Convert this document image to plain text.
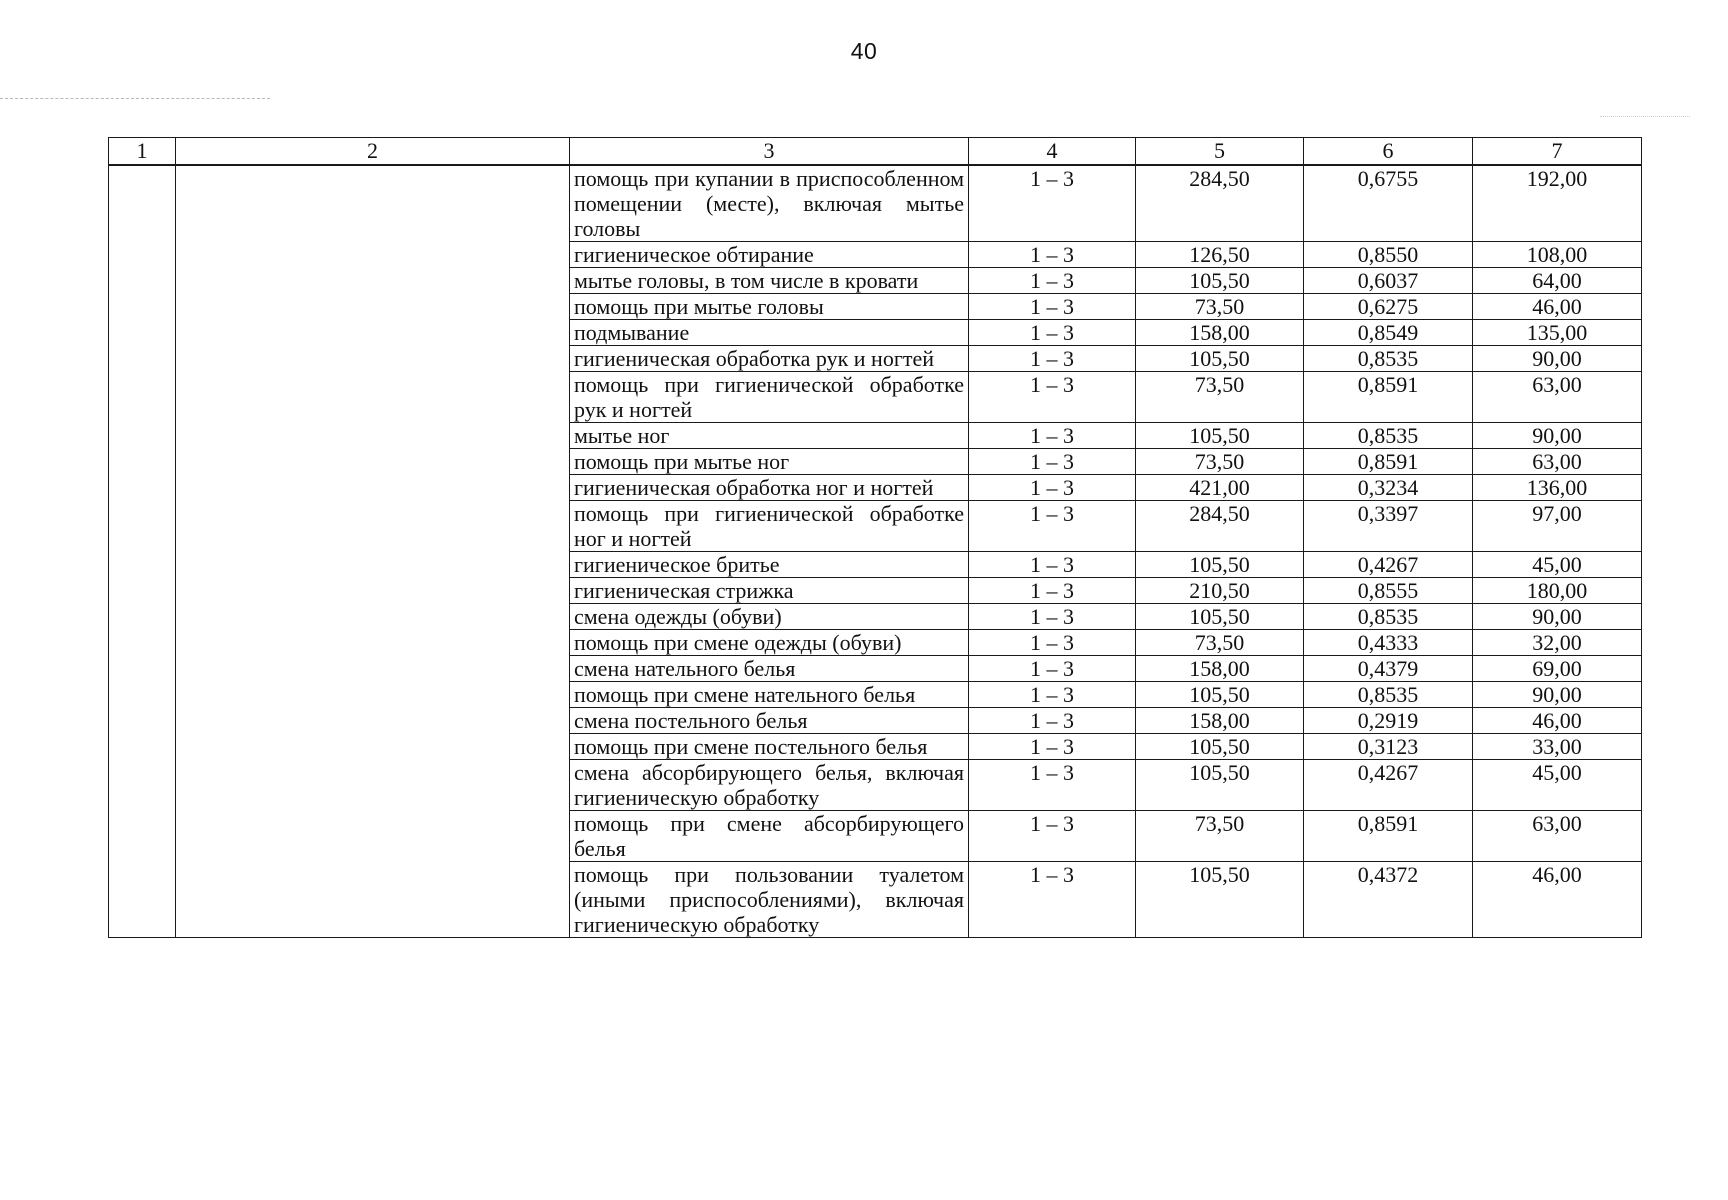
40
1	2	3	4	5	6	7
		помощь при купании в приспособленном помещении (месте), включая мытье головы	1 – 3	284,50	0,6755	192,00
		гигиеническое обтирание	1 – 3	126,50	0,8550	108,00
		мытье головы, в том числе в кровати	1 – 3	105,50	0,6037	64,00
		помощь при мытье головы	1 – 3	73,50	0,6275	46,00
		подмывание	1 – 3	158,00	0,8549	135,00
		гигиеническая обработка рук и ногтей	1 – 3	105,50	0,8535	90,00
		помощь при гигиенической обработке рук и ногтей	1 – 3	73,50	0,8591	63,00
		мытье ног	1 – 3	105,50	0,8535	90,00
		помощь при мытье ног	1 – 3	73,50	0,8591	63,00
		гигиеническая обработка ног и ногтей	1 – 3	421,00	0,3234	136,00
		помощь при гигиенической обработке ног и ногтей	1 – 3	284,50	0,3397	97,00
		гигиеническое бритье	1 – 3	105,50	0,4267	45,00
		гигиеническая стрижка	1 – 3	210,50	0,8555	180,00
		смена одежды (обуви)	1 – 3	105,50	0,8535	90,00
		помощь при смене одежды (обуви)	1 – 3	73,50	0,4333	32,00
		смена нательного белья	1 – 3	158,00	0,4379	69,00
		помощь при смене нательного белья	1 – 3	105,50	0,8535	90,00
		смена постельного белья	1 – 3	158,00	0,2919	46,00
		помощь при смене постельного белья	1 – 3	105,50	0,3123	33,00
		смена абсорбирующего белья, включая гигиеническую обработку	1 – 3	105,50	0,4267	45,00
		помощь при смене абсорбирующего белья	1 – 3	73,50	0,8591	63,00
		помощь при пользовании туалетом (иными приспособлениями), включая гигиеническую обработку	1 – 3	105,50	0,4372	46,00
